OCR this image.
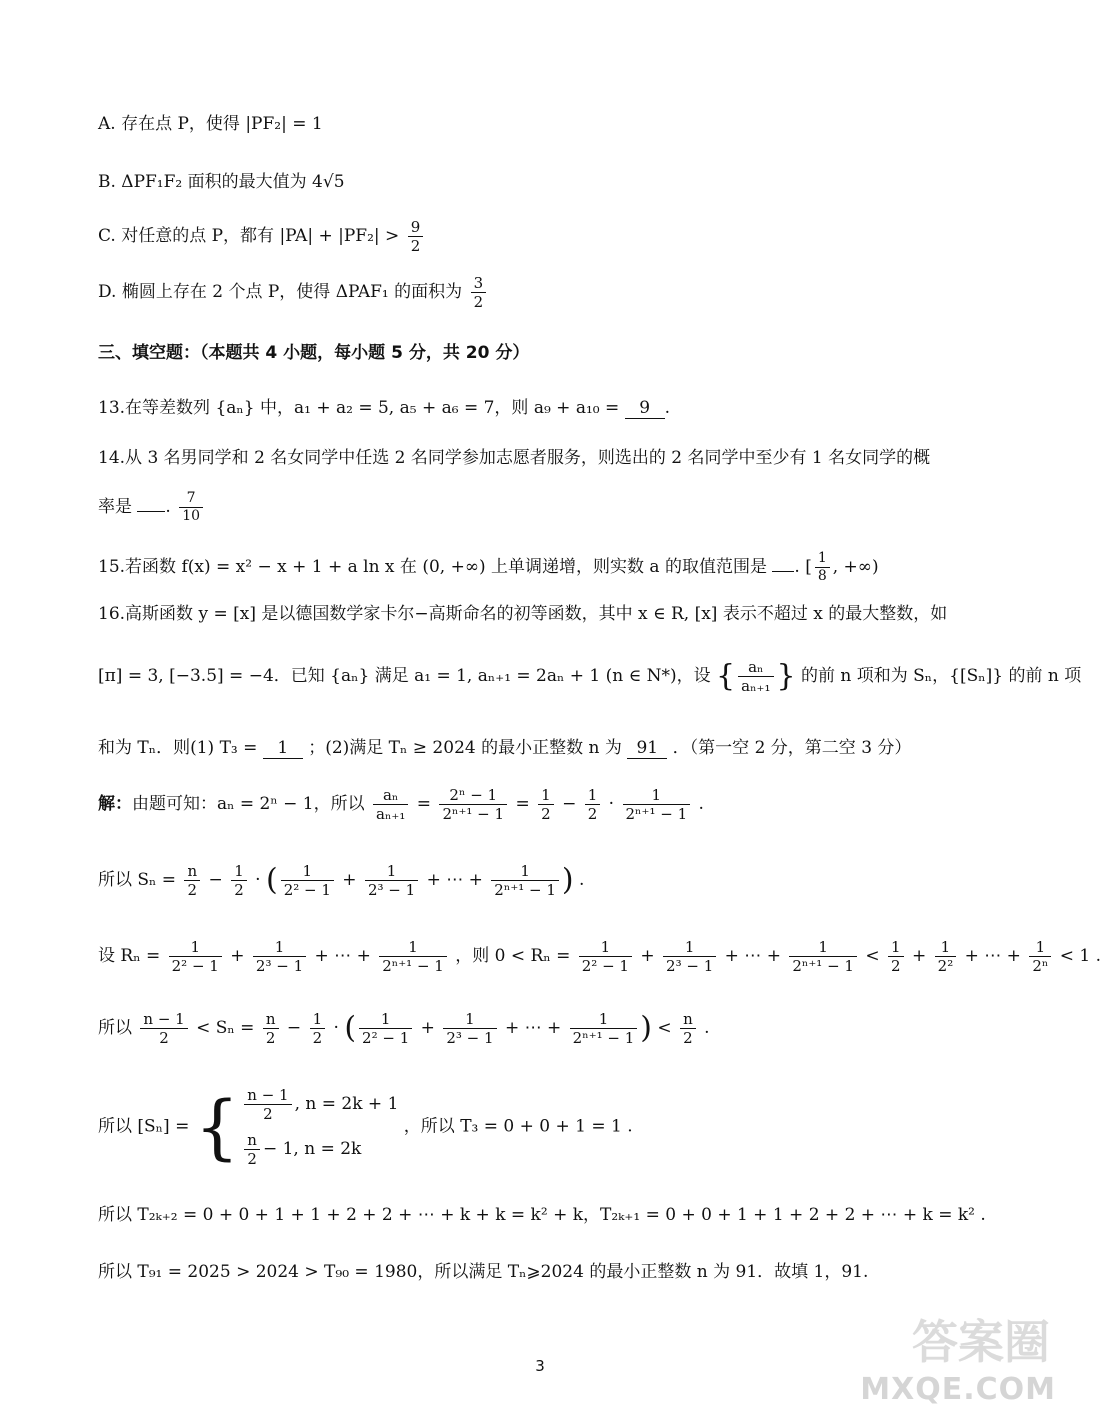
A. 存在点 P，使得 |PF₂| = 1
B. ΔPF₁F₂ 面积的最大值为 4√5
C. 对任意的点 P，都有 $|PA| + |PF_2| > \frac{9}{2}$
D. 椭圆上存在 2 个点 P，使得 ΔPAF₁ 的面积为 $\frac{3}{2}$
三、填空题：（本题共 4 小题，每小题 5 分，共 20 分）
13.在等差数列 {aₙ} 中，a₁ + a₂ = 5, a₅ + a₆ = 7，则 a₉ + a₁₀ = 9 .
14.从 3 名男同学和 2 名女同学中任选 2 名同学参加志愿者服务，则选出的 2 名同学中至少有 1 名女同学的概
率是 . $\frac{7}{10}$
15.若函数 f(x) = x² − x + 1 + a ln x 在 (0, +∞) 上单调递增，则实数 a 的取值范围是 . [ $\frac{1}{8}$ , +∞)
16.高斯函数 y = [x] 是以德国数学家卡尔−高斯命名的初等函数，其中 x ∈ R, [x] 表示不超过 x 的最大整数，如
[π] = 3, [−3.5] = −4．已知 {aₙ} 满足 a₁ = 1, aₙ₊₁ = 2aₙ + 1 (n ∈ N*)，设 { $\frac{\text{aₙ}}{\text{aₙ₊₁}}$ } 的前 n 项和为 Sₙ，{[Sₙ]} 的前 n 项
和为 Tₙ．则(1) T₃ = 1 ；(2)满足 Tₙ ≥ 2024 的最小正整数 n 为 91 ．（第一空 2 分，第二空 3 分）
解：由题可知：aₙ = 2ⁿ − 1，所以 $\frac{\text{aₙ}}{\text{aₙ₊₁}} = \frac{\text{2ⁿ − 1}}{\text{2ⁿ⁺¹ − 1}} = \frac{1}{2} - \frac{1}{2} \cdot \frac{1}{\text{2ⁿ⁺¹ − 1}}$ .
所以 $S_n = \frac{n}{2} - \frac{1}{2}$ · ( $\frac{1}{\text{2² − 1}} + \frac{1}{\text{2³ − 1}}$ + ⋯ + $\frac{1}{\text{2ⁿ⁺¹ − 1}}$ ) .
设 $R_n = \frac{1}{\text{2² − 1}} + \frac{1}{\text{2³ − 1}}$ + ⋯ + $\frac{1}{\text{2ⁿ⁺¹ − 1}}$ ，则 $0 < R_n = \frac{1}{\text{2² − 1}} + \frac{1}{\text{2³ − 1}}$ + ⋯ + $\frac{1}{\text{2ⁿ⁺¹ − 1}} < \frac{1}{2} + \frac{1}{\text{2²}}$ + ⋯ + $\frac{1}{\text{2ⁿ}} < 1$ .
所以 $\frac{n - 1}{2} < S_n = \frac{n}{2} - \frac{1}{2}$ · ( $\frac{1}{\text{2² − 1}} + \frac{1}{\text{2³ − 1}}$ + ⋯ + $\frac{1}{\text{2ⁿ⁺¹ − 1}}$ ) < $\frac{n}{2}$ .
所以 [Sₙ] = { $\frac{n - 1}{2}$ , n = 2k + 1
$\frac{n}{2} - 1$, n = 2k
，所以 T₃ = 0 + 0 + 1 = 1 .
所以 T₂ₖ₊₂ = 0 + 0 + 1 + 1 + 2 + 2 + ⋯ + k + k = k² + k，T₂ₖ₊₁ = 0 + 0 + 1 + 1 + 2 + 2 + ⋯ + k = k² .
所以 T₉₁ = 2025 > 2024 > T₉₀ = 1980，所以满足 Tₙ⩾2024 的最小正整数 n 为 91．故填 1，91.
3	答案圈
MXQE.COM
